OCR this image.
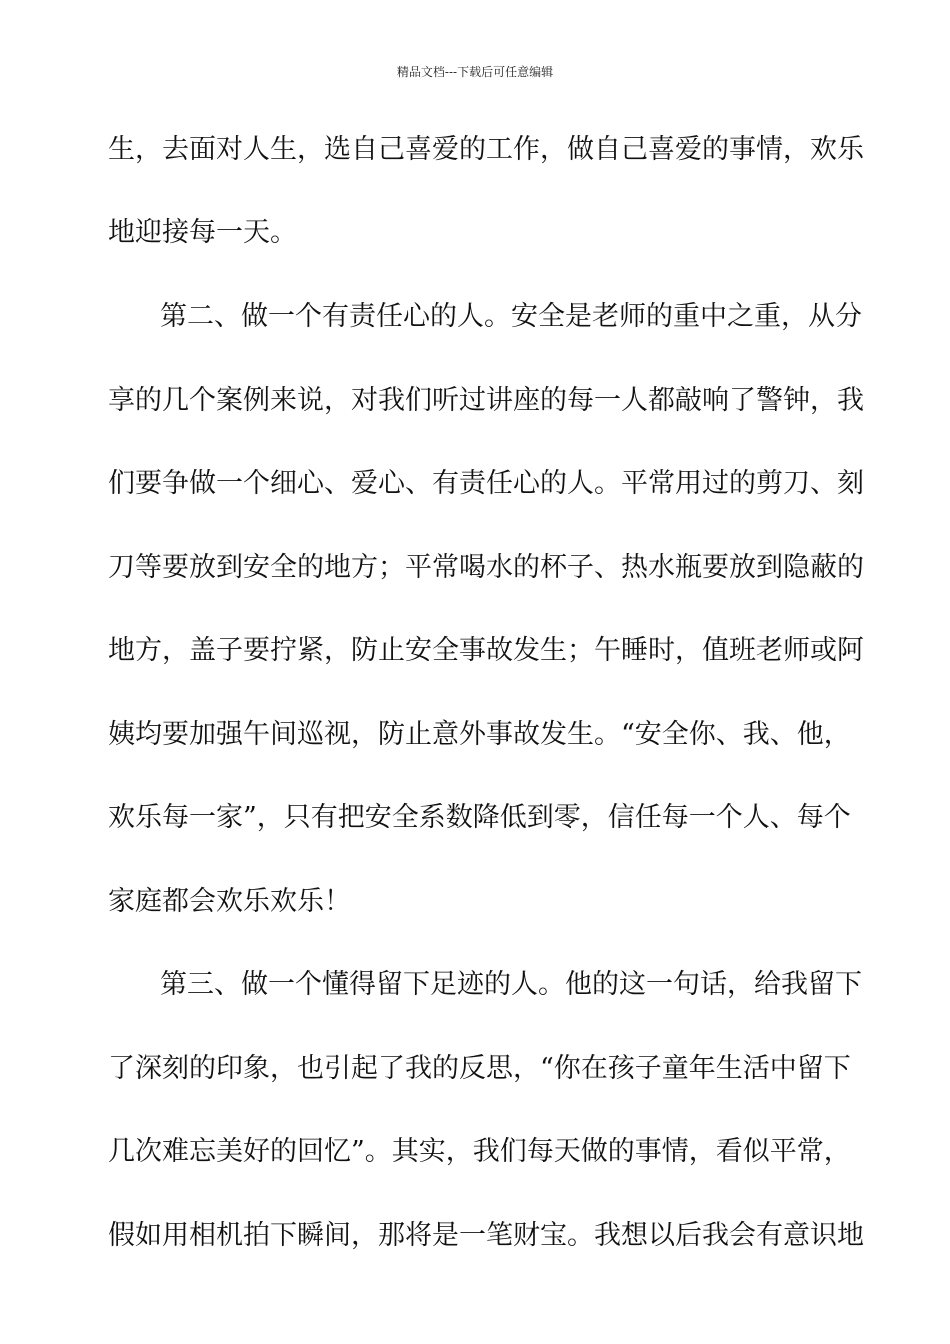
精品文档---下载后可任意编辑
生，去面对人生，选自己喜爱的工作，做自己喜爱的事情，欢乐
地迎接每一天。
第二、做一个有责任心的人。安全是老师的重中之重，从分
享的几个案例来说，对我们听过讲座的每一人都敲响了警钟，我
们要争做一个细心、爱心、有责任心的人。平常用过的剪刀、刻
刀等要放到安全的地方；平常喝水的杯子、热水瓶要放到隐蔽的
地方，盖子要拧紧，防止安全事故发生；午睡时，值班老师或阿
姨均要加强午间巡视，防止意外事故发生。“安全你、我、他，
欢乐每一家”，只有把安全系数降低到零，信任每一个人、每个
家庭都会欢乐欢乐！
第三、做一个懂得留下足迹的人。他的这一句话，给我留下
了深刻的印象，也引起了我的反思，“你在孩子童年生活中留下
几次难忘美好的回忆”。其实，我们每天做的事情，看似平常，
假如用相机拍下瞬间，那将是一笔财宝。我想以后我会有意识地
